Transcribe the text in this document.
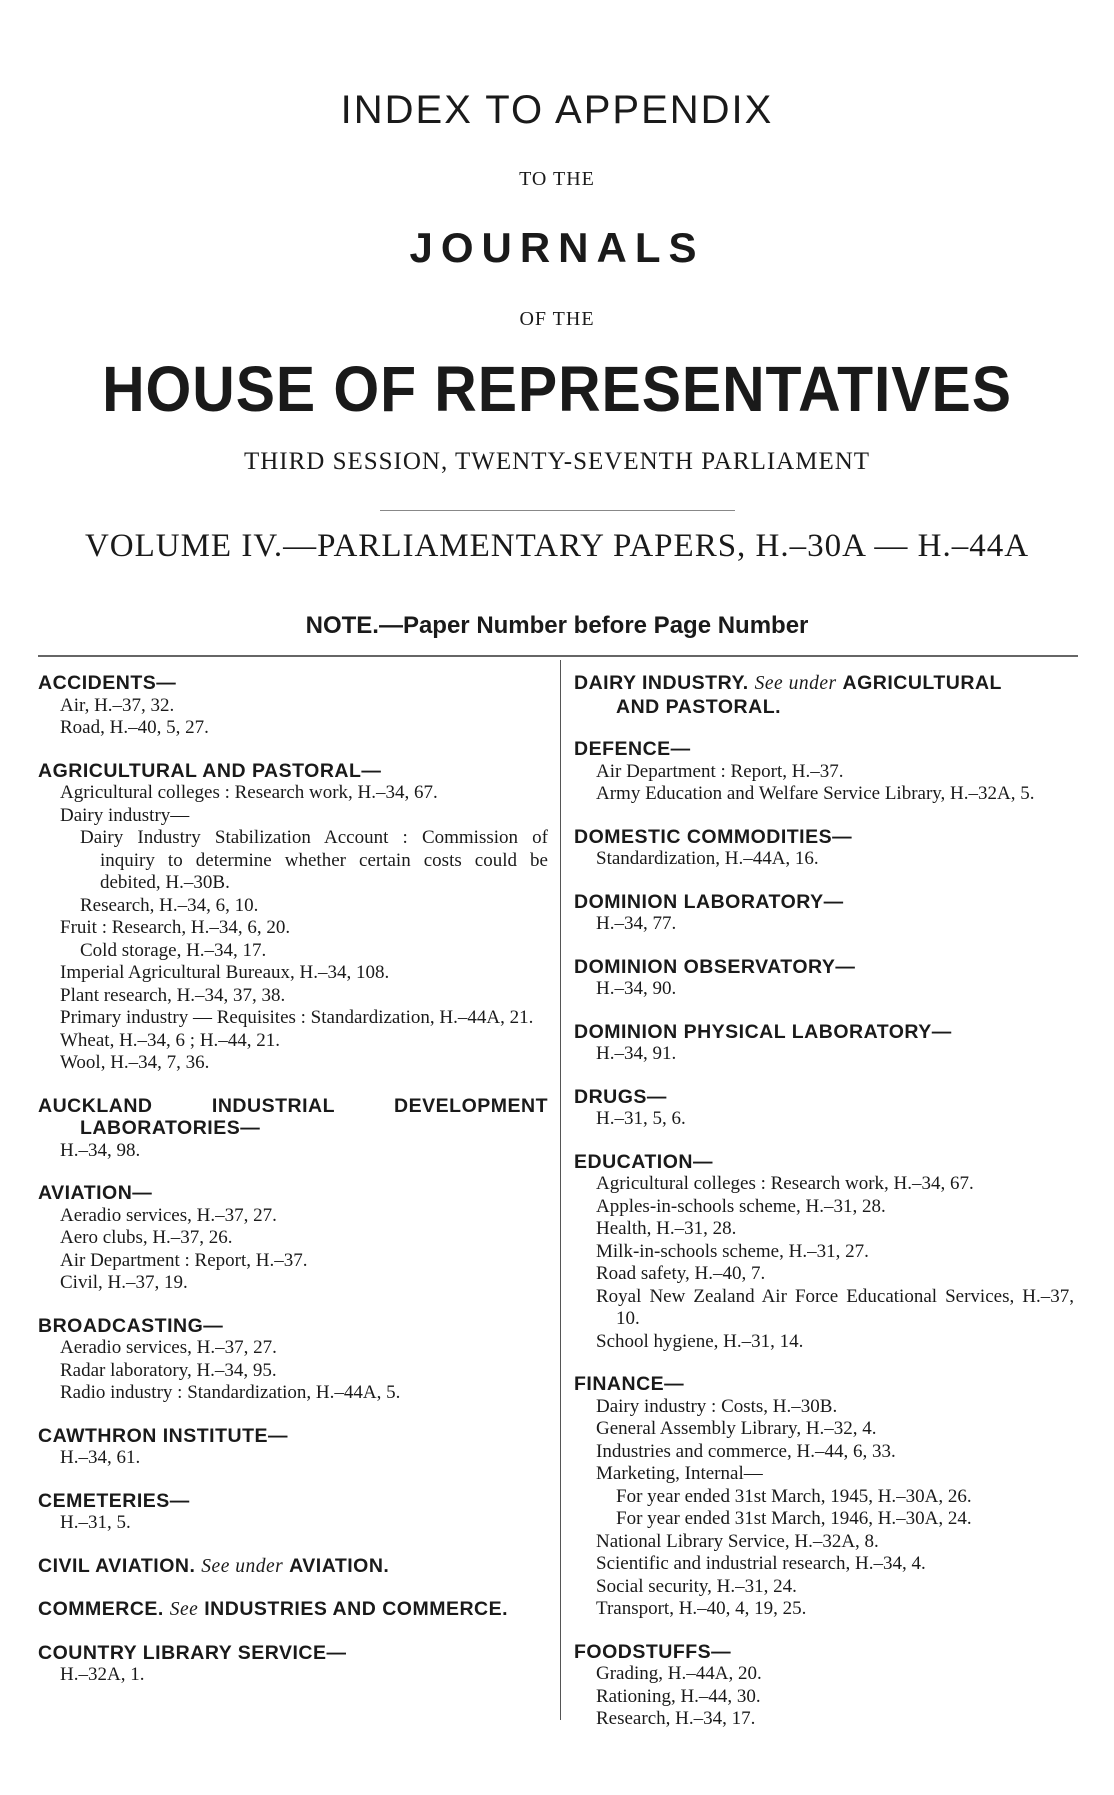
INDEX TO APPENDIX
TO THE
JOURNALS
OF THE
HOUSE OF REPRESENTATIVES
THIRD SESSION, TWENTY-SEVENTH PARLIAMENT
VOLUME IV.—PARLIAMENTARY PAPERS, H.–30A — H.–44A
NOTE.—Paper Number before Page Number
ACCIDENTS—
Air, H.–37, 32.
Road, H.–40, 5, 27.
AGRICULTURAL AND PASTORAL—
Agricultural colleges : Research work, H.–34, 67.
Dairy industry—
Dairy Industry Stabilization Account : Commission of inquiry to determine whether certain costs could be debited, H.–30B.
Research, H.–34, 6, 10.
Fruit : Research, H.–34, 6, 20.
Cold storage, H.–34, 17.
Imperial Agricultural Bureaux, H.–34, 108.
Plant research, H.–34, 37, 38.
Primary industry — Requisites : Standardization, H.–44A, 21.
Wheat, H.–34, 6 ; H.–44, 21.
Wool, H.–34, 7, 36.
AUCKLAND INDUSTRIAL DEVELOPMENT
LABORATORIES—
H.–34, 98.
AVIATION—
Aeradio services, H.–37, 27.
Aero clubs, H.–37, 26.
Air Department : Report, H.–37.
Civil, H.–37, 19.
BROADCASTING—
Aeradio services, H.–37, 27.
Radar laboratory, H.–34, 95.
Radio industry : Standardization, H.–44A, 5.
CAWTHRON INSTITUTE—
H.–34, 61.
CEMETERIES—
H.–31, 5.
CIVIL AVIATION. See under AVIATION.
COMMERCE. See INDUSTRIES AND COMMERCE.
COUNTRY LIBRARY SERVICE—
H.–32A, 1.
DAIRY INDUSTRY. See under AGRICULTURAL
AND PASTORAL.
DEFENCE—
Air Department : Report, H.–37.
Army Education and Welfare Service Library, H.–32A, 5.
DOMESTIC COMMODITIES—
Standardization, H.–44A, 16.
DOMINION LABORATORY—
H.–34, 77.
DOMINION OBSERVATORY—
H.–34, 90.
DOMINION PHYSICAL LABORATORY—
H.–34, 91.
DRUGS—
H.–31, 5, 6.
EDUCATION—
Agricultural colleges : Research work, H.–34, 67.
Apples-in-schools scheme, H.–31, 28.
Health, H.–31, 28.
Milk-in-schools scheme, H.–31, 27.
Road safety, H.–40, 7.
Royal New Zealand Air Force Educational Services, H.–37, 10.
School hygiene, H.–31, 14.
FINANCE—
Dairy industry : Costs, H.–30B.
General Assembly Library, H.–32, 4.
Industries and commerce, H.–44, 6, 33.
Marketing, Internal—
For year ended 31st March, 1945, H.–30A, 26.
For year ended 31st March, 1946, H.–30A, 24.
National Library Service, H.–32A, 8.
Scientific and industrial research, H.–34, 4.
Social security, H.–31, 24.
Transport, H.–40, 4, 19, 25.
FOODSTUFFS—
Grading, H.–44A, 20.
Rationing, H.–44, 30.
Research, H.–34, 17.
